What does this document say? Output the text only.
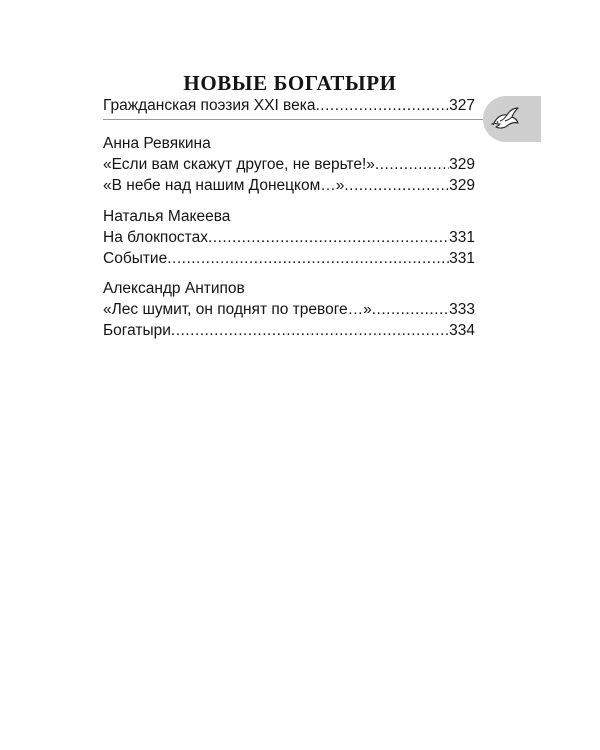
НОВЫЕ БОГАТЫРИ
Гражданская поэзия XXI века .....	327
Анна Ревякина
«Если вам скажут другое, не верьте!» .....	329
«В небе над нашим Донецком…» .....	329
Наталья Макеева
На блокпостах .....	331
Событие .....	331
Александр Антипов
«Лес шумит, он поднят по тревоге…» .....	333
Богатыри .....	334
